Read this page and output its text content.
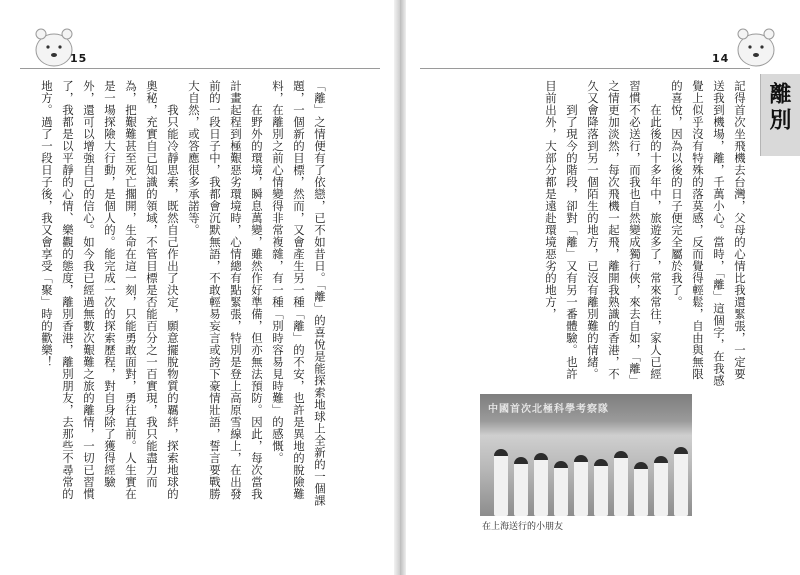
15
「離」之情便有了依戀，已不如昔日。「離」的喜悅是能探索地球上全新的一個課題，一個新的目標，然而，又會產生另一種「離」的不安，也許是異地的脫險難料，在離別之前心情變得非常複雜，有一種「別時容易見時難」的感慨。
　　在野外的環境，瞬息萬變，雖然作好準備，但亦無法預防。因此，每次當我計畫起程到極艱惡劣環境時，心情總有點緊張，特別是登上高原雪線上，在出發前的一段日子中，我都會沉默無語，不敢輕易妄言或誇下豪情壯語，誓言要戰勝大自然，或答應很多承諾等。
　　我只能冷靜思索，既然自己作出了決定，願意擺脫物質的羈絆，探索地球的奧秘，充實自己知識的領域，不管目標是否能百分之一百實現，我只能盡力而為，把艱難甚至死亡擱開，生命在這一刻，只能勇敢面對，勇往直前。人生實在是一場探險大行動，是個人的。能完成一次的探索歷程，對自身除了獲得經驗外，還可以增強自己的信心。如今我已經過無數次艱難之旅的離情，一切已習慣了，我都是以平靜的心情、樂觀的態度，離別香港，離別朋友，去那些不尋常的地方。過了一段日子後，我又會享受「聚」時的歡樂！
14
離別
記得首次坐飛機去台灣，父母的心情比我還緊張，一定要送我到機場，離，千萬小心。當時，「離」這個字，在我感覺上似乎沒有特殊的落莫感，反而覺得輕鬆，自由與無限的喜悅，因為以後的日子便完全屬於我了。
　　在此後的十多年中，旅遊多了，常來常往，家人已經習慣不必送行，而我也自然變成獨行俠，來去自如，「離」之情更加淡然，每次飛機一起飛，離開我熟識的香港，不久又會降落到另一個陌生的地方，已沒有離別難的情緒。
　　到了現今的階段，卻對「離」又有另一番體驗。也許目前出外，大部分都是遠赴環境惡劣的地方，
中國首次北極科學考察隊
在上海送行的小朋友
